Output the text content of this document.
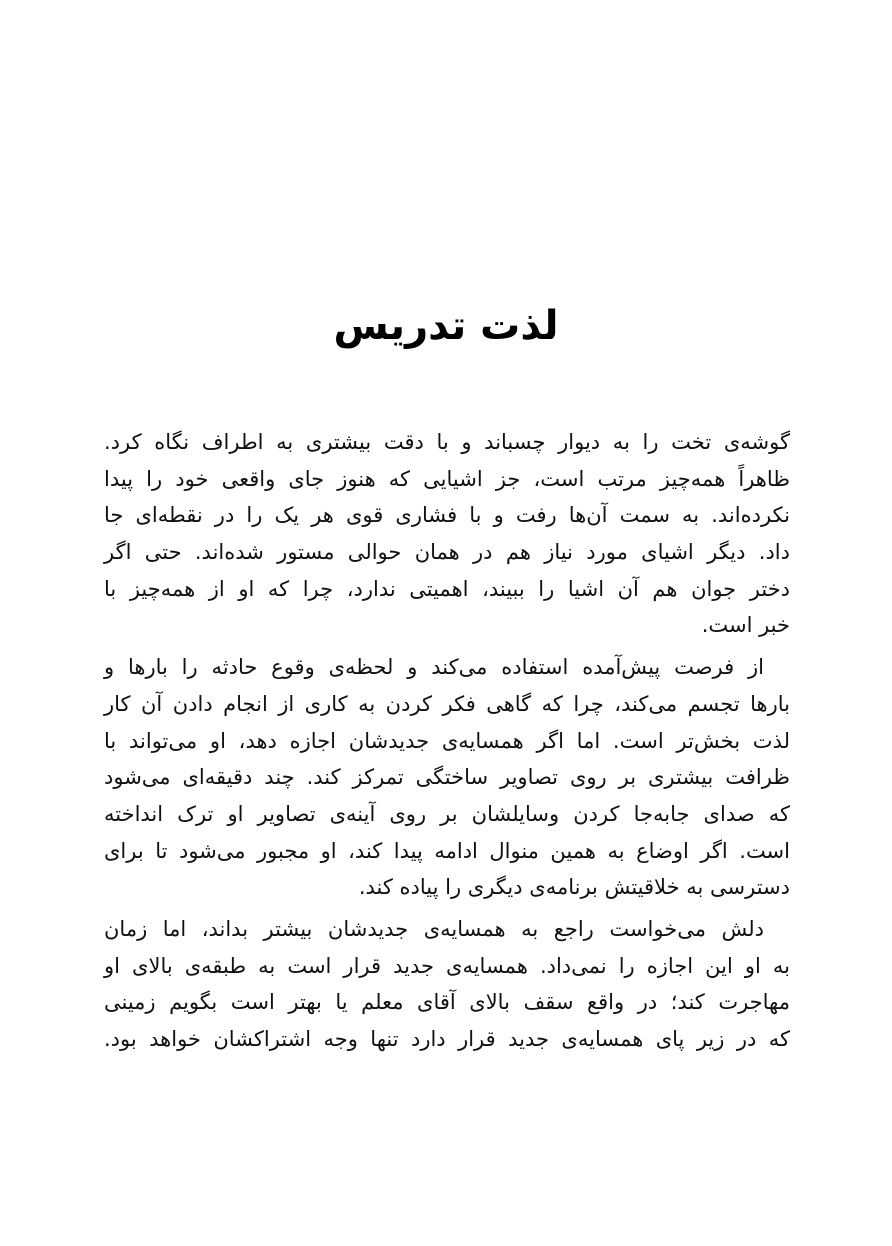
لذت تدریس

گوشه‌ی تخت را به دیوار چسباند و با دقت بیشتری به اطراف نگاه کرد.
ظاهراً همه‌چیز مرتب است، جز اشیایی که هنوز جای واقعی خود را پیدا
نکرده‌اند. به سمت آن‌ها رفت و با فشاری قوی هر یک را در نقطه‌ای جا
داد. دیگر اشیای مورد نیاز هم در همان حوالی مستور شده‌اند. حتی اگر
دختر جوان هم آن اشیا را ببیند، اهمیتی ندارد، چرا که او از همه‌چیز با
خبر است.

از فرصت پیش‌آمده استفاده می‌کند و لحظه‌ی وقوع حادثه را بارها و
بارها تجسم می‌کند، چرا که گاهی فکر کردن به کاری از انجام دادن آن کار
لذت بخش‌تر است. اما اگر همسایه‌ی جدیدشان اجازه دهد، او می‌تواند با
ظرافت بیشتری بر روی تصاویر ساختگی تمرکز کند. چند دقیقه‌ای می‌شود
که صدای جابه‌جا کردن وسایلشان بر روی آینه‌ی تصاویر او ترک انداخته
است. اگر اوضاع به همین منوال ادامه پیدا کند، او مجبور می‌شود تا برای
دسترسی به خلاقیتش برنامه‌ی دیگری را پیاده کند.

دلش می‌خواست راجع به همسایه‌ی جدیدشان بیشتر بداند، اما زمان
به او این اجازه را نمی‌داد. همسایه‌ی جدید قرار است به طبقه‌ی بالای او
مهاجرت کند؛ در واقع سقف بالای آقای معلم یا بهتر است بگویم زمینی
که در زیر پای همسایه‌ی جدید قرار دارد تنها وجه اشتراکشان خواهد بود.
